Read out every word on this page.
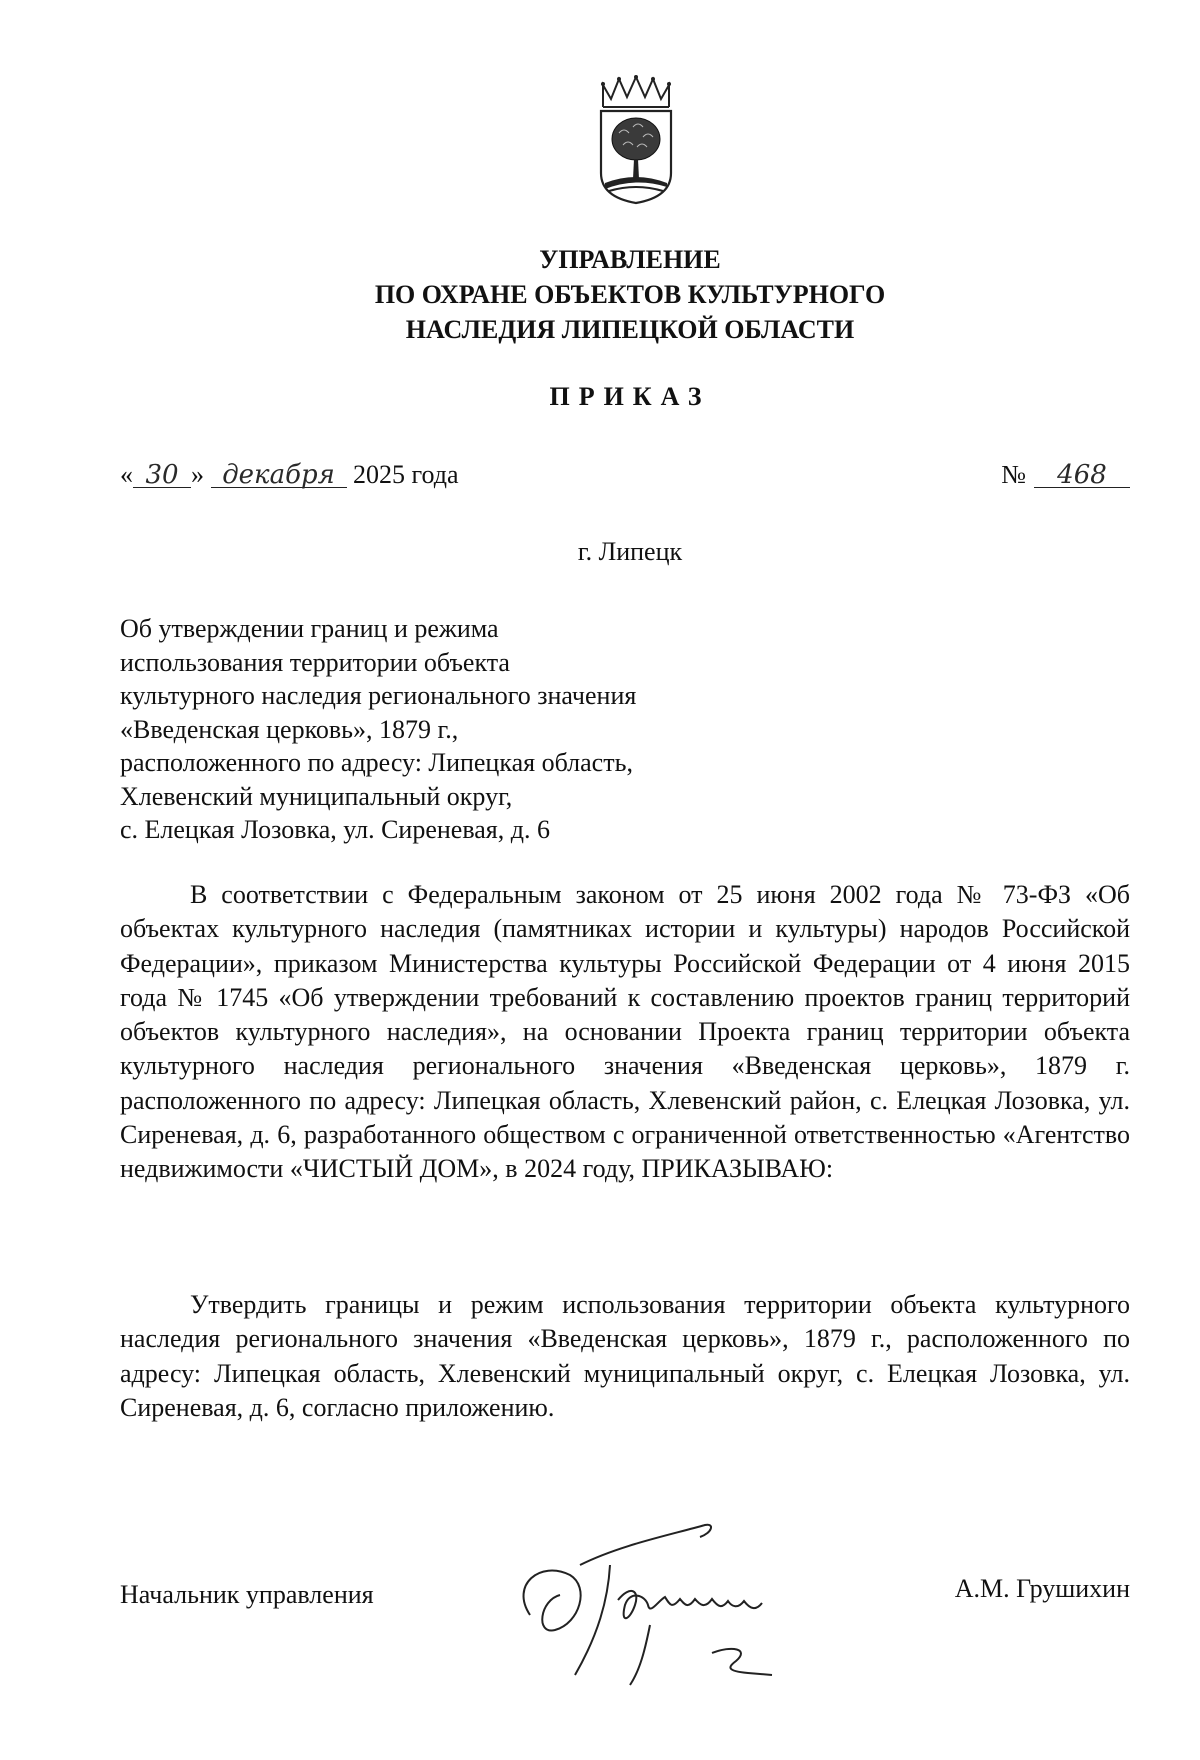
УПРАВЛЕНИЕ
ПО ОХРАНЕ ОБЪЕКТОВ КУЛЬТУРНОГО
НАСЛЕДИЯ ЛИПЕЦКОЙ ОБЛАСТИ
ПРИКАЗ
« 30 » декабря 2025 года	№ 468
г. Липецк
Об утверждении границ и режима
использования территории объекта
культурного наследия регионального значения
«Введенская церковь», 1879 г.,
расположенного по адресу: Липецкая область,
Хлевенский муниципальный округ,
с. Елецкая Лозовка, ул. Сиреневая, д. 6

В соответствии с Федеральным законом от 25 июня 2002 года № 73-ФЗ «Об объектах культурного наследия (памятниках истории и культуры) народов Российской Федерации», приказом Министерства культуры Российской Федерации от 4 июня 2015 года № 1745 «Об утверждении требований к составлению проектов границ территорий объектов культурного наследия», на основании Проекта границ территории объекта культурного наследия регионального значения «Введенская церковь», 1879 г. расположенного по адресу: Липецкая область, Хлевенский район, с. Елецкая Лозовка, ул. Сиреневая, д. 6, разработанного обществом с ограниченной ответственностью «Агентство недвижимости «ЧИСТЫЙ ДОМ», в 2024 году, ПРИКАЗЫВАЮ:

Утвердить границы и режим использования территории объекта культурного наследия регионального значения «Введенская церковь», 1879 г., расположенного по адресу: Липецкая область, Хлевенский муниципальный округ, с. Елецкая Лозовка, ул. Сиреневая, д. 6, согласно приложению.

Начальник управления	А.М. Грушихин
